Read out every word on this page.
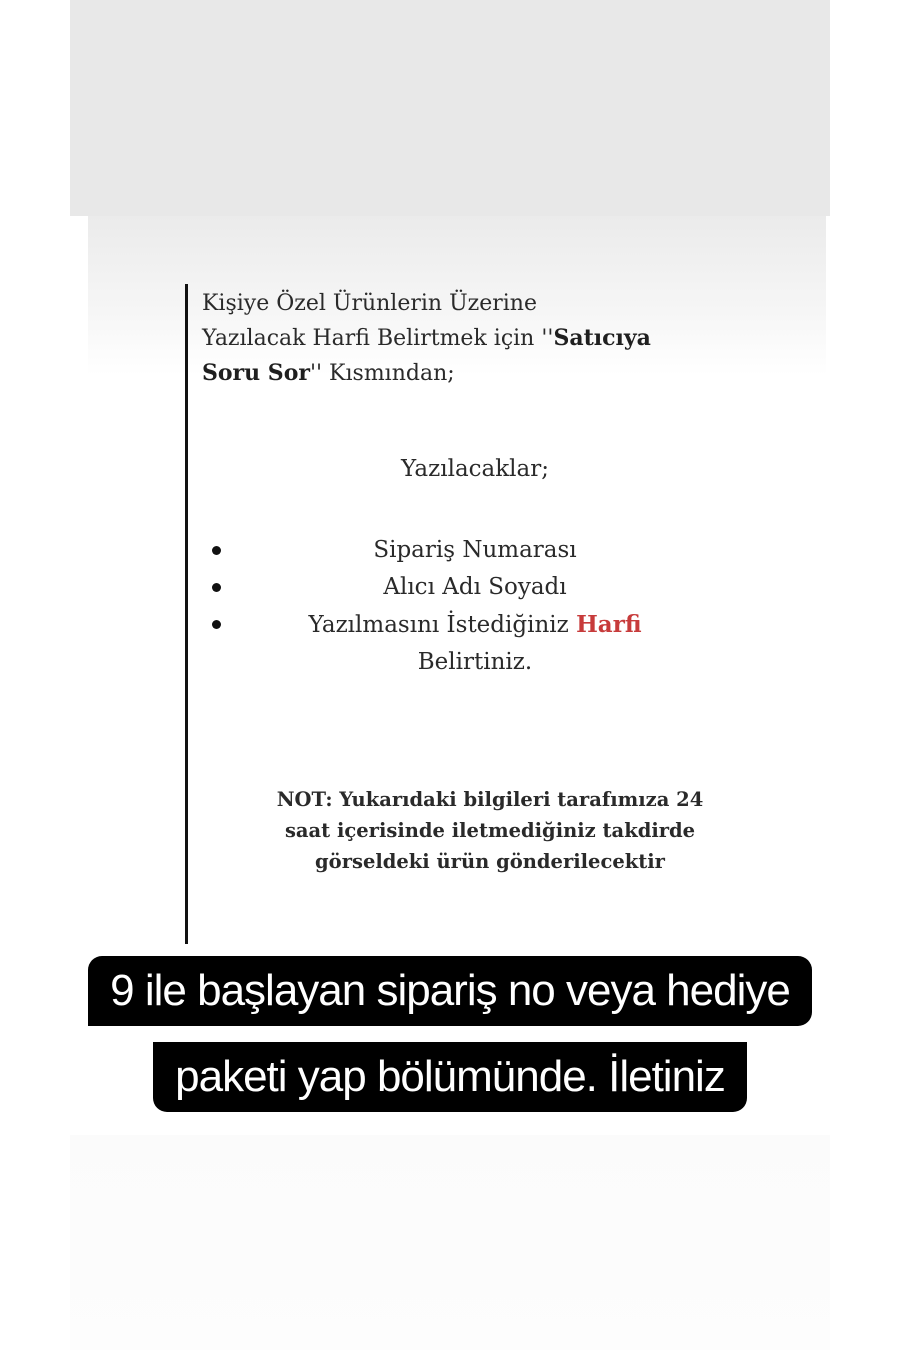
Kişiye Özel Ürünlerin Üzerine
Yazılacak Harfi Belirtmek için ''Satıcıya
Soru Sor'' Kısmından;

Yazılacaklar;
Sipariş Numarası
Alıcı Adı Soyadı
Yazılmasını İstediğiniz Harfi
Belirtiniz.
NOT: Yukarıdaki bilgileri tarafımıza 24
saat içerisinde iletmediğiniz takdirde
görseldeki ürün gönderilecektir
9 ile başlayan sipariş no veya hediye
paketi yap bölümünde. İletiniz
